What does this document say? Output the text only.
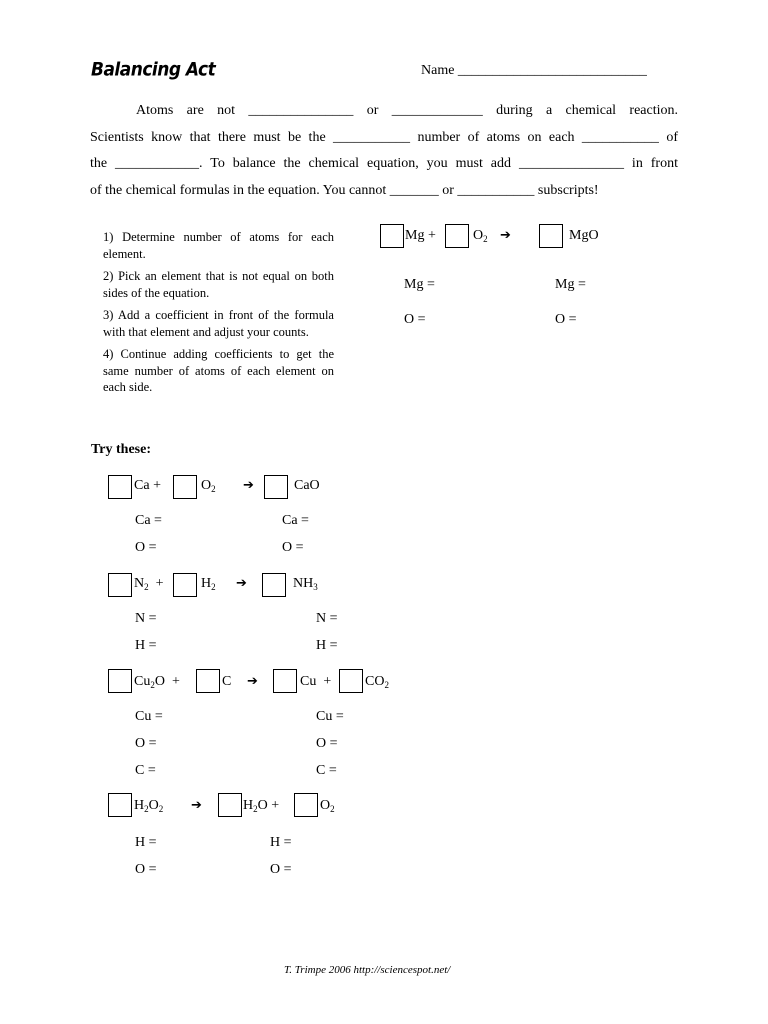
Balancing Act	Name ___________________________
Atoms are not _______________ or _____________ during a chemical reaction.
Scientists know that there must be the ___________ number of atoms on each ___________ of
the ____________. To balance the chemical equation, you must add _______________ in front
of the chemical formulas in the equation. You cannot _______ or ___________ subscripts!

1) Determine number of atoms for each element.

2) Pick an element that is not equal on both sides of the equation.

3) Add a coefficient in front of the formula with that element and adjust your counts.

4) Continue adding coefficients to get the same number of atoms of each element on each side.

Mg +	$O_2$ ➔	MgO
Mg =	Mg =
O =	O =
Try these:
Ca +	$O_2$ ➔	CaO
Ca =	Ca =
O =	O =
$N_2$ +	$H_2$ ➔	$NH_3$
N =	N =
H =	H =
$Cu_2O$ +	C ➔	$Cu + CO_2$
Cu =	Cu =
O =	O =
C =	C =
$H_2O_2$ ➔	$H_2O$ +	$O_2$
H =	H =
O =	O =
T. Trimpe 2006 http://sciencespot.net/
